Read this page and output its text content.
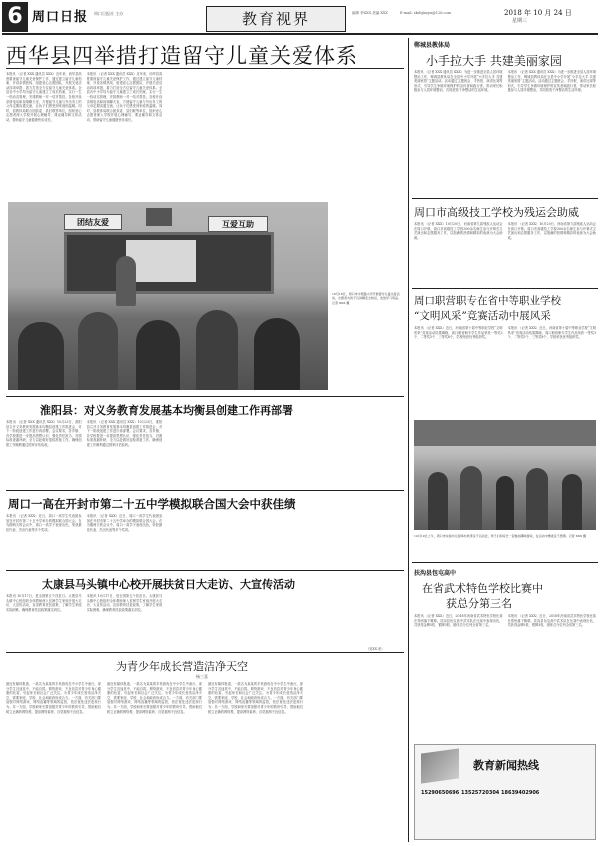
6 周口日报 周口日报社 主办	教育视界	编辑 李XXX 美编 XXX	E-mail: zkrbjiaoyu@126.com	2018 年 10 月 24 日
星期三
西华县四举措打造留守儿童关爱体系
本报讯 （记者 XXX 通讯员 XXX）近年来，西华县高度重视留守儿童关爱保护工作，通过建立留守儿童档案、开设亲情热线、组建爱心志愿团队、开展关爱活动四项举措，着力打造全方位留守儿童关爱体系。全县各中小学均为留守儿童建立了成长档案，实行一生一档动态管理，安排教师一对一结对帮扶。各校开设亲情电话和视频聊天室，方便留守儿童与外出务工的父母定期沟通交流，让孩子们感受到家庭的温暖。同时，县教体局联合团县委、县妇联等单位，组织爱心志愿者深入学校开展心理辅导、课业辅导和文体活动，帮助留守儿童健康快乐成长。
本报讯 （记者 XXX 通讯员 XXX）近年来，西华县高度重视留守儿童关爱保护工作，通过建立留守儿童档案、开设亲情热线、组建爱心志愿团队、开展关爱活动四项举措，着力打造全方位留守儿童关爱体系。全县各中小学均为留守儿童建立了成长档案，实行一生一档动态管理，安排教师一对一结对帮扶。各校开设亲情电话和视频聊天室，方便留守儿童与外出务工的父母定期沟通交流，让孩子们感受到家庭的温暖。同时，县教体局联合团县委、县妇联等单位，组织爱心志愿者深入学校开展心理辅导、课业辅导和文体活动，帮助留守儿童健康快乐成长。
团结友爱	互爱互助
10月18日，周口市中原路小学开展留守儿童关爱活动，志愿者为孩子们讲解安全知识，发放学习用品。记者 XXX 摄
淮阳县：对义务教育发展基本均衡县创建工作再部署
本报讯 （记者 XXX 通讯员 XXX）10月23日，淮阳县召开义务教育发展基本均衡县创建工作推进会，对下一阶段创建工作进行再部署。会议要求，各乡镇、各学校要进一步提高思想认识，强化责任担当，对照标准查漏补缺，全力以赴做好迎检准备工作，确保创建工作顺利通过国家评估验收。
本报讯 （记者 XXX 通讯员 XXX）10月23日，淮阳县召开义务教育发展基本均衡县创建工作推进会，对下一阶段创建工作进行再部署。会议要求，各乡镇、各学校要进一步提高思想认识，强化责任担当，对照标准查漏补缺，全力以赴做好迎检准备工作，确保创建工作顺利通过国家评估验收。
周口一高在开封市第二十五中学模拟联合国大会中获佳绩
本报讯 （记者 XXX）近日，周口一高学生代表团参加在开封市第二十五中学举办的模拟联合国大会。在为期两天的会议中，周口一高学子表现出色，荣获最佳代表、杰出代表等多个奖项。
本报讯 （记者 XXX）近日，周口一高学生代表团参加在开封市第二十五中学举办的模拟联合国大会。在为期两天的会议中，周口一高学子表现出色，荣获最佳代表、杰出代表等多个奖项。
太康县马头镇中心校开展扶贫日大走访、大宣传活动
本报讯 10月17日，是全国第五个扶贫日。太康县马头镇中心校组织全体教师深入贫困学生家庭开展大走访、大宣传活动，宣讲教育扶贫政策，了解学生家庭实际困难，确保教育扶贫政策落实到位。
本报讯 10月17日，是全国第五个扶贫日。太康县马头镇中心校组织全体教师深入贫困学生家庭开展大走访、大宣传活动，宣讲教育扶贫政策，了解学生家庭实际困难，确保教育扶贫政策落实到位。
（吴XX 来）
为青少年成长营造洁净天空
杨三喜
最近有媒体报道，一款名为某某的手机游戏在中小学生中流行，部分学生沉迷其中，不能自拔。网络游戏、不良信息对青少年身心健康的危害，引起家长和社会广泛关注。为青少年成长营造洁净天空，需要家庭、学校、社会和政府形成合力。一方面，有关部门要加强对网络游戏、网络直播等领域的监管，依法查处违法违规行为；另一方面，学校和家长要加强对青少年的教育引导，帮助他们树立正确的网络观，提高网络素养，自觉抵制不良信息。
最近有媒体报道，一款名为某某的手机游戏在中小学生中流行，部分学生沉迷其中，不能自拔。网络游戏、不良信息对青少年身心健康的危害，引起家长和社会广泛关注。为青少年成长营造洁净天空，需要家庭、学校、社会和政府形成合力。一方面，有关部门要加强对网络游戏、网络直播等领域的监管，依法查处违法违规行为；另一方面，学校和家长要加强对青少年的教育引导，帮助他们树立正确的网络观，提高网络素养，自觉抵制不良信息。
最近有媒体报道，一款名为某某的手机游戏在中小学生中流行，部分学生沉迷其中，不能自拔。网络游戏、不良信息对青少年身心健康的危害，引起家长和社会广泛关注。为青少年成长营造洁净天空，需要家庭、学校、社会和政府形成合力。一方面，有关部门要加强对网络游戏、网络直播等领域的监管，依法查处违法违规行为；另一方面，学校和家长要加强对青少年的教育引导，帮助他们树立正确的网络观，提高网络素养，自觉抵制不良信息。
郸城县教体局
小手拉大手 共建美丽家园
本报讯 （记者 XXX 通讯员 XXX）为进一步推进全县人居环境整治工作，郸城县教体局在全县中小学开展“小手拉大手 共建美丽家园”主题活动。活动通过主题班会、手抄报、演讲比赛等形式，引导学生争做环境保护的宣传者和践行者，带动家长积极参与人居环境整治，共同营造干净整洁的生活环境。
本报讯 （记者 XXX 通讯员 XXX）为进一步推进全县人居环境整治工作，郸城县教体局在全县中小学开展“小手拉大手 共建美丽家园”主题活动。活动通过主题班会、手抄报、演讲比赛等形式，引导学生争做环境保护的宣传者和践行者，带动家长积极参与人居环境整治，共同营造干净整洁的生活环境。
周口市高级技工学校为残运会助威
本报讯 （记者 XXX）10月20日，河南省第九届残疾人运动会在周口开幕。周口市高级技工学校300余名师生参与开幕式文艺演出和志愿服务工作，以饱满的热情和精彩的表演为大会助威。
本报讯 （记者 XXX）10月20日，河南省第九届残疾人运动会在周口开幕。周口市高级技工学校300余名师生参与开幕式文艺演出和志愿服务工作，以饱满的热情和精彩的表演为大会助威。
周口职营职专在省中等职业学校
“文明风采”竞赛活动中展风采
本报讯 （记者 XXX）近日，河南省第十届中等职业学校“文明风采”竞赛活动结果揭晓，周口职营职专学生作品荣获一等奖3个、二等奖5个、三等奖8个，学校荣获优秀组织奖。
本报讯 （记者 XXX）近日，河南省第十届中等职业学校“文明风采”竞赛活动结果揭晓，周口职营职专学生作品荣获一等奖3个、二等奖5个、三等奖8个，学校荣获优秀组织奖。
10月19日上午，周口市实验幼儿园举办秋季亲子运动会，孩子们和家长一起参加趣味游戏，在运动中增进亲子感情。记者 XXX 摄
扶沟县包屯高中
在省武术特色学校比赛中
获总分第三名
本报讯 （记者 XXX）近日，2018年河南省武术特色学校比赛在郑州落下帷幕。扶沟县包屯高中武术队在比赛中表现出色，共获得金牌5枚、银牌3枚，团体总分位列全省第三名。
本报讯 （记者 XXX）近日，2018年河南省武术特色学校比赛在郑州落下帷幕。扶沟县包屯高中武术队在比赛中表现出色，共获得金牌5枚、银牌3枚，团体总分位列全省第三名。
教育新闻热线
15290650696 13525720304 18639402906
